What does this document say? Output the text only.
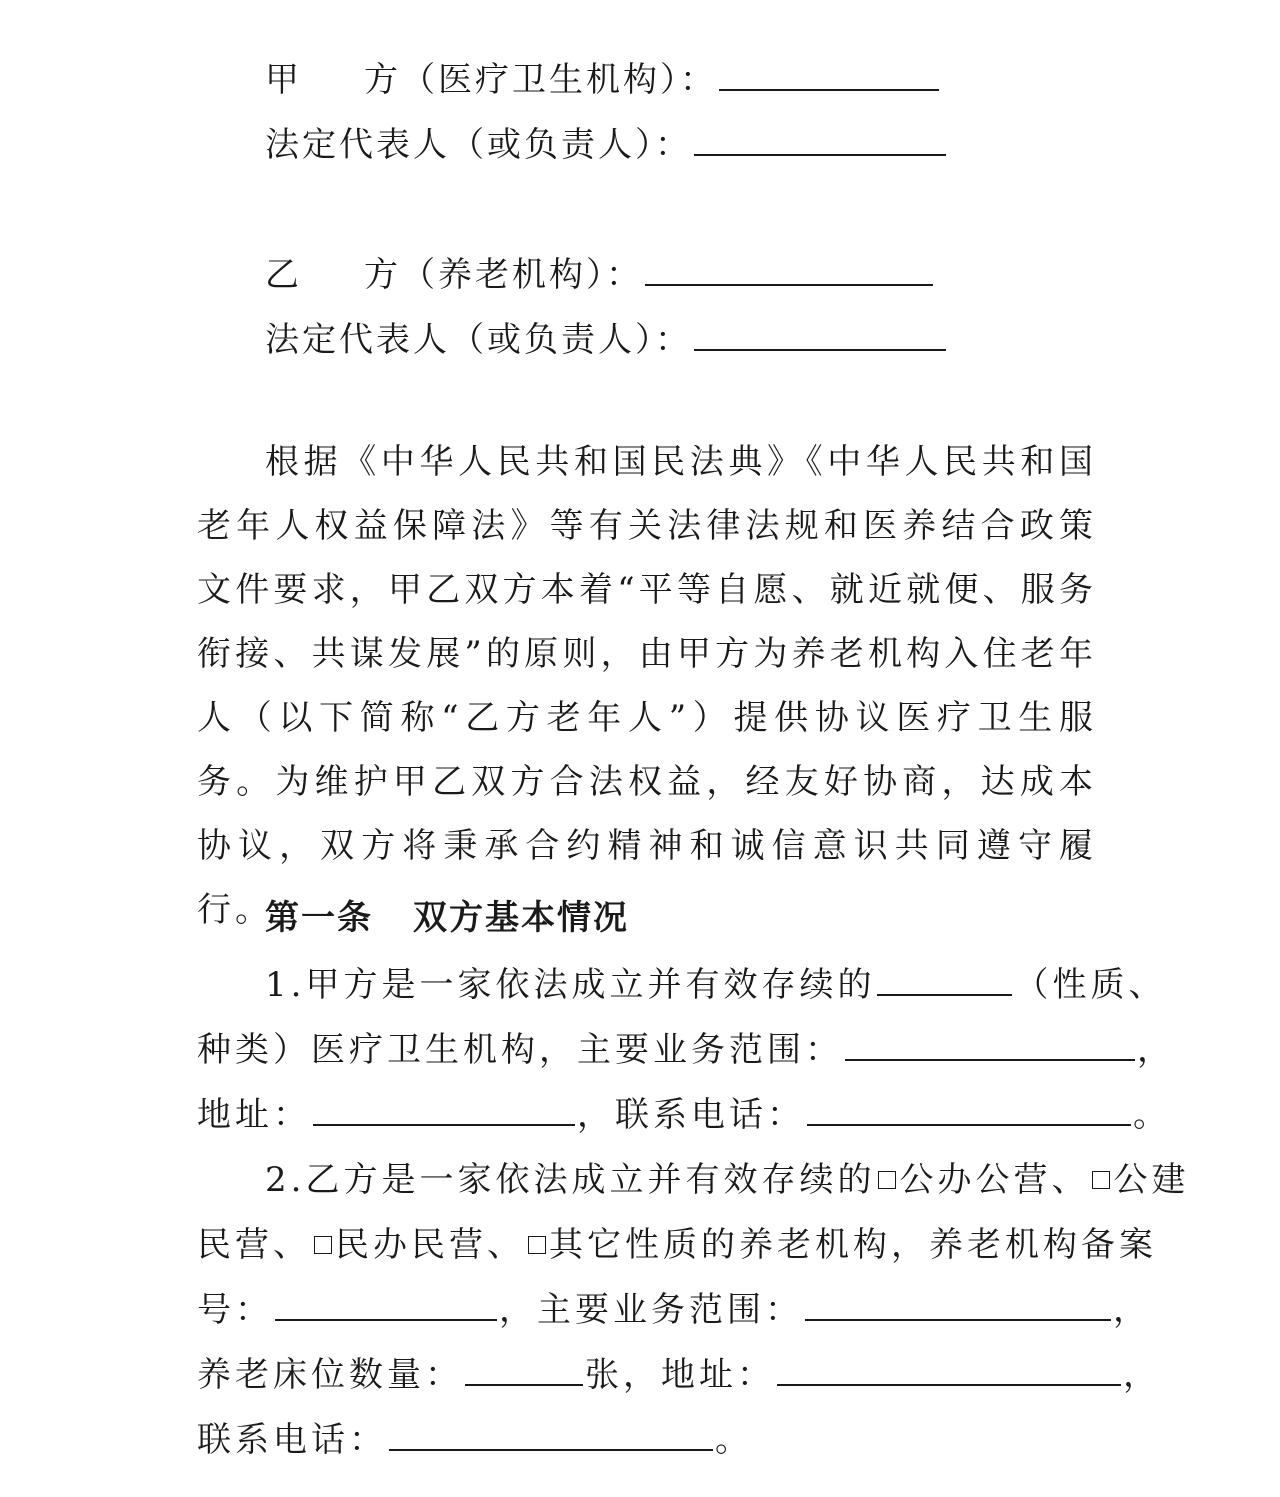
甲 方（医疗卫生机构）：
法定代表人（或负责人）：
乙 方（养老机构）：
法定代表人（或负责人）：

根据《中华人民共和国民法典》《中华人民共和国老年人权益保障法》等有关法律法规和医养结合政策文件要求，甲乙双方本着“平等自愿、就近就便、服务衔接、共谋发展”的原则，由甲方为养老机构入住老年人（以下简称“乙方老年人”）提供协议医疗卫生服务。为维护甲乙双方合法权益，经友好协商，达成本协议，双方将秉承合约精神和诚信意识共同遵守履行。

第一条 双方基本情况
1.甲方是一家依法成立并有效存续的	（性质、
种类）医疗卫生机构，主要业务范围：	，
地址：	，联系电话：	。
2.乙方是一家依法成立并有效存续的 公办公营、 公建
民营、 民办民营、 其它性质的养老机构，养老机构备案
号：	，主要业务范围：	，
养老床位数量：	张，地址：	，
联系电话：	。
